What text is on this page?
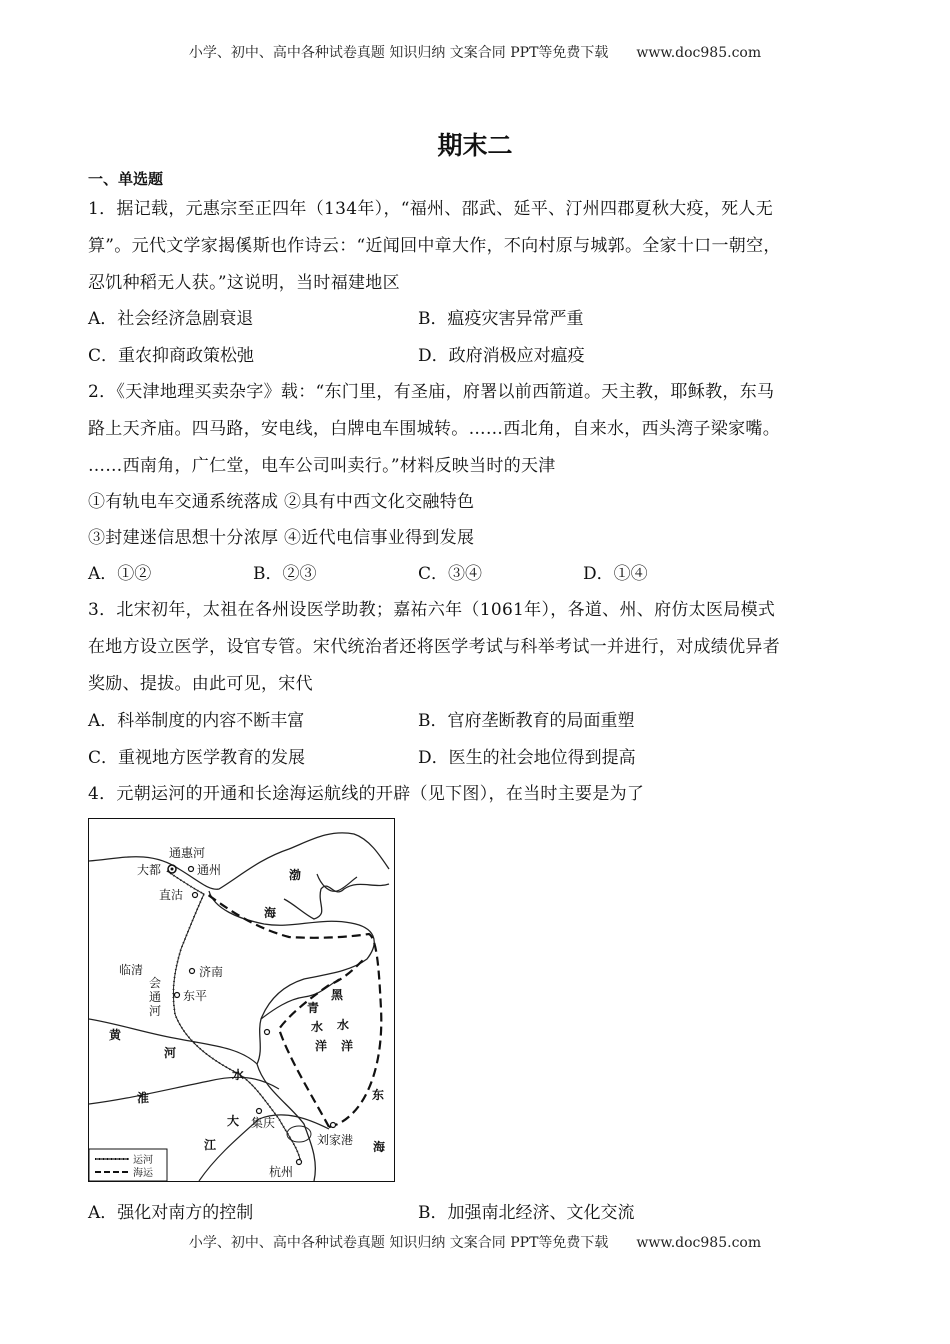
小学、初中、高中各种试卷真题 知识归纳 文案合同 PPT等免费下载 www.doc985.com
期末二
一、单选题
1．据记载，元惠宗至正四年（134年），“福州、邵武、延平、汀州四郡夏秋大疫，死人无
算”。元代文学家揭傒斯也作诗云：“近闻回中章大作，不向村原与城郭。全家十口一朝空，
忍饥种稻无人获。”这说明，当时福建地区
A．社会经济急剧衰退	B．瘟疫灾害异常严重
C．重农抑商政策松弛	D．政府消极应对瘟疫
2．《天津地理买卖杂字》载：“东门里，有圣庙，府署以前西箭道。天主教，耶稣教，东马
路上天齐庙。四马路，安电线，白牌电车围城转。……西北角，自来水，西头湾子梁家嘴。
……西南角，广仁堂，电车公司叫卖行。”材料反映当时的天津
①有轨电车交通系统落成 ②具有中西文化交融特色
③封建迷信思想十分浓厚 ④近代电信事业得到发展
A．①②	B．②③	C．③④	D．①④
3．北宋初年，太祖在各州设医学助教；嘉祐六年（1061年），各道、州、府仿太医局模式
在地方设立医学，设官专管。宋代统治者还将医学考试与科举考试一并进行，对成绩优异者
奖励、提拔。由此可见，宋代
A．科举制度的内容不断丰富	B．官府垄断教育的局面重塑
C．重视地方医学教育的发展	D．医生的社会地位得到提高
4．元朝运河的开通和长途海运航线的开辟（见下图），在当时主要是为了
通惠河
大都	通州
直沽
渤
海
临清	济南
会
通
河
东平
青
水
洋
黑
水
洋
黄
河
淮
水
大
江
集庆
刘家港
杭州
东
海
运河
海运
A．强化对南方的控制	B．加强南北经济、文化交流
小学、初中、高中各种试卷真题 知识归纳 文案合同 PPT等免费下载 www.doc985.com
